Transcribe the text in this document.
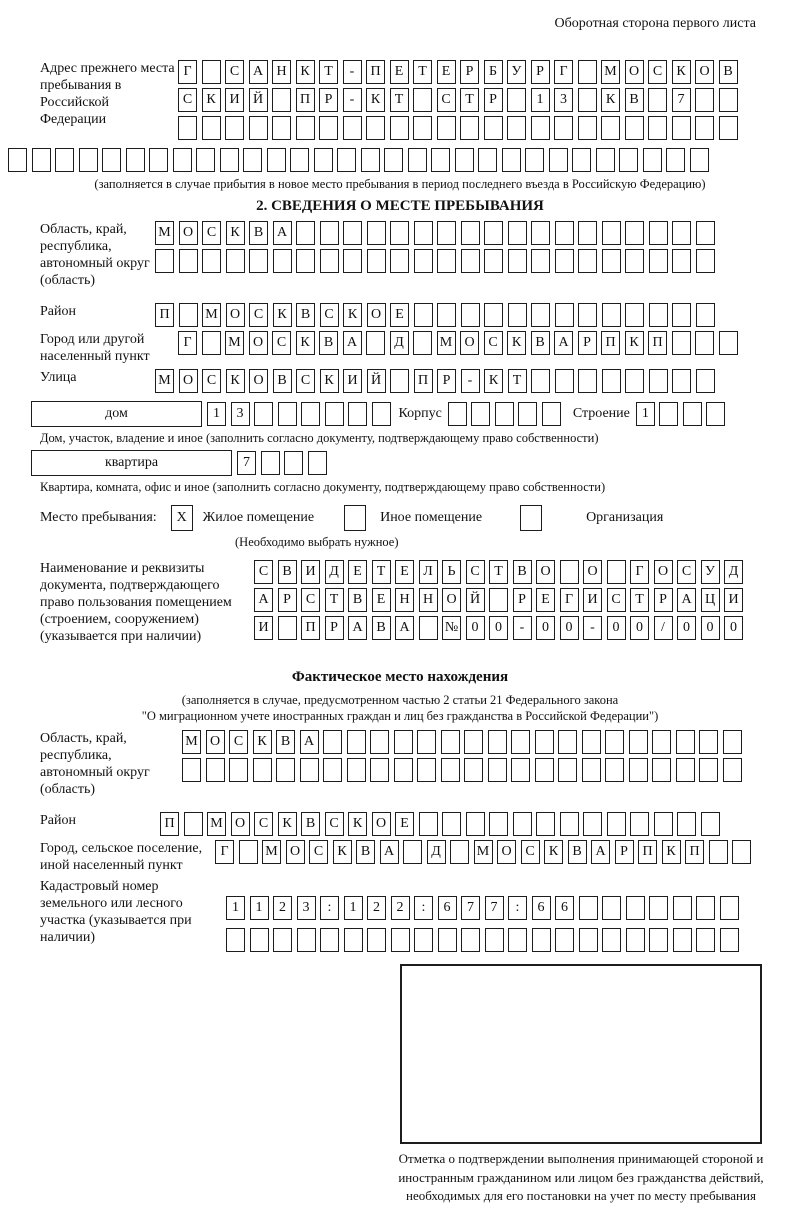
Оборотная сторона первого листа
Адрес прежнего места пребывания в Российской Федерации
Г	С А Н К	Т	-	П	Е	Т	Е	Р	Б	У	Р	Г	М О С	К О В
С	К И Й	П	Р	-	К	Т	С	Т	Р	1	3	К	В	7
(заполняется в случае прибытия в новое место пребывания в период последнего въезда в Российскую Федерацию)
2. СВЕДЕНИЯ О МЕСТЕ ПРЕБЫВАНИЯ
Область, край, республика, автономный округ (область)
М О С	К	В А
Район	П	М О С	К	В	С	К О	Е
Город или другой населенный пункт
Г	М О С	К	В А	Д	М О С	К	В А	Р	П К П
Улица	М О С	К О В	С	К И Й	П	Р	-	К	Т
дом	1	3	Корпус	Строение 1
Дом, участок, владение и иное (заполнить согласно документу, подтверждающему право собственности)
квартира	7
Квартира, комната, офис и иное (заполнить согласно документу, подтверждающему право собственности)
Место пребывания:	X	Жилое помещение	Иное помещение	Организация
(Необходимо выбрать нужное)
Наименование и реквизиты документа, подтверждающего право пользования помещением (строением, сооружением) (указывается при наличии)
С	В И Д	Е	Т	Е	Л	Ь	С	Т	В О	О	Г	О С У Д
А	Р	С	Т	В	Е	Н Н О Й	Р	Е	Г	И С	Т	Р	А Ц И
И	П	Р	А В А	№ 0	0	-	0	0	-	0	0	/	0	0	0
Фактическое место нахождения
(заполняется в случае, предусмотренном частью 2 статьи 21 Федерального закона
"О миграционном учете иностранных граждан и лиц без гражданства в Российской Федерации")
Область, край, республика, автономный округ (область)
М О С	К	В А
Район	П	М О С	К	В	С	К О	Е
Город, сельское поселение, иной населенный пункт
Г	М О С	К	В А	Д	М О С	К	В А	Р	П К П
Кадастровый номер земельного или лесного участка (указывается при наличии)
1	1	2	3	:	1	2	2	:	6	7	7	:	6	6
Отметка о подтверждении выполнения принимающей стороной и иностранным гражданином или лицом без гражданства действий, необходимых для его постановки на учет по месту пребывания
